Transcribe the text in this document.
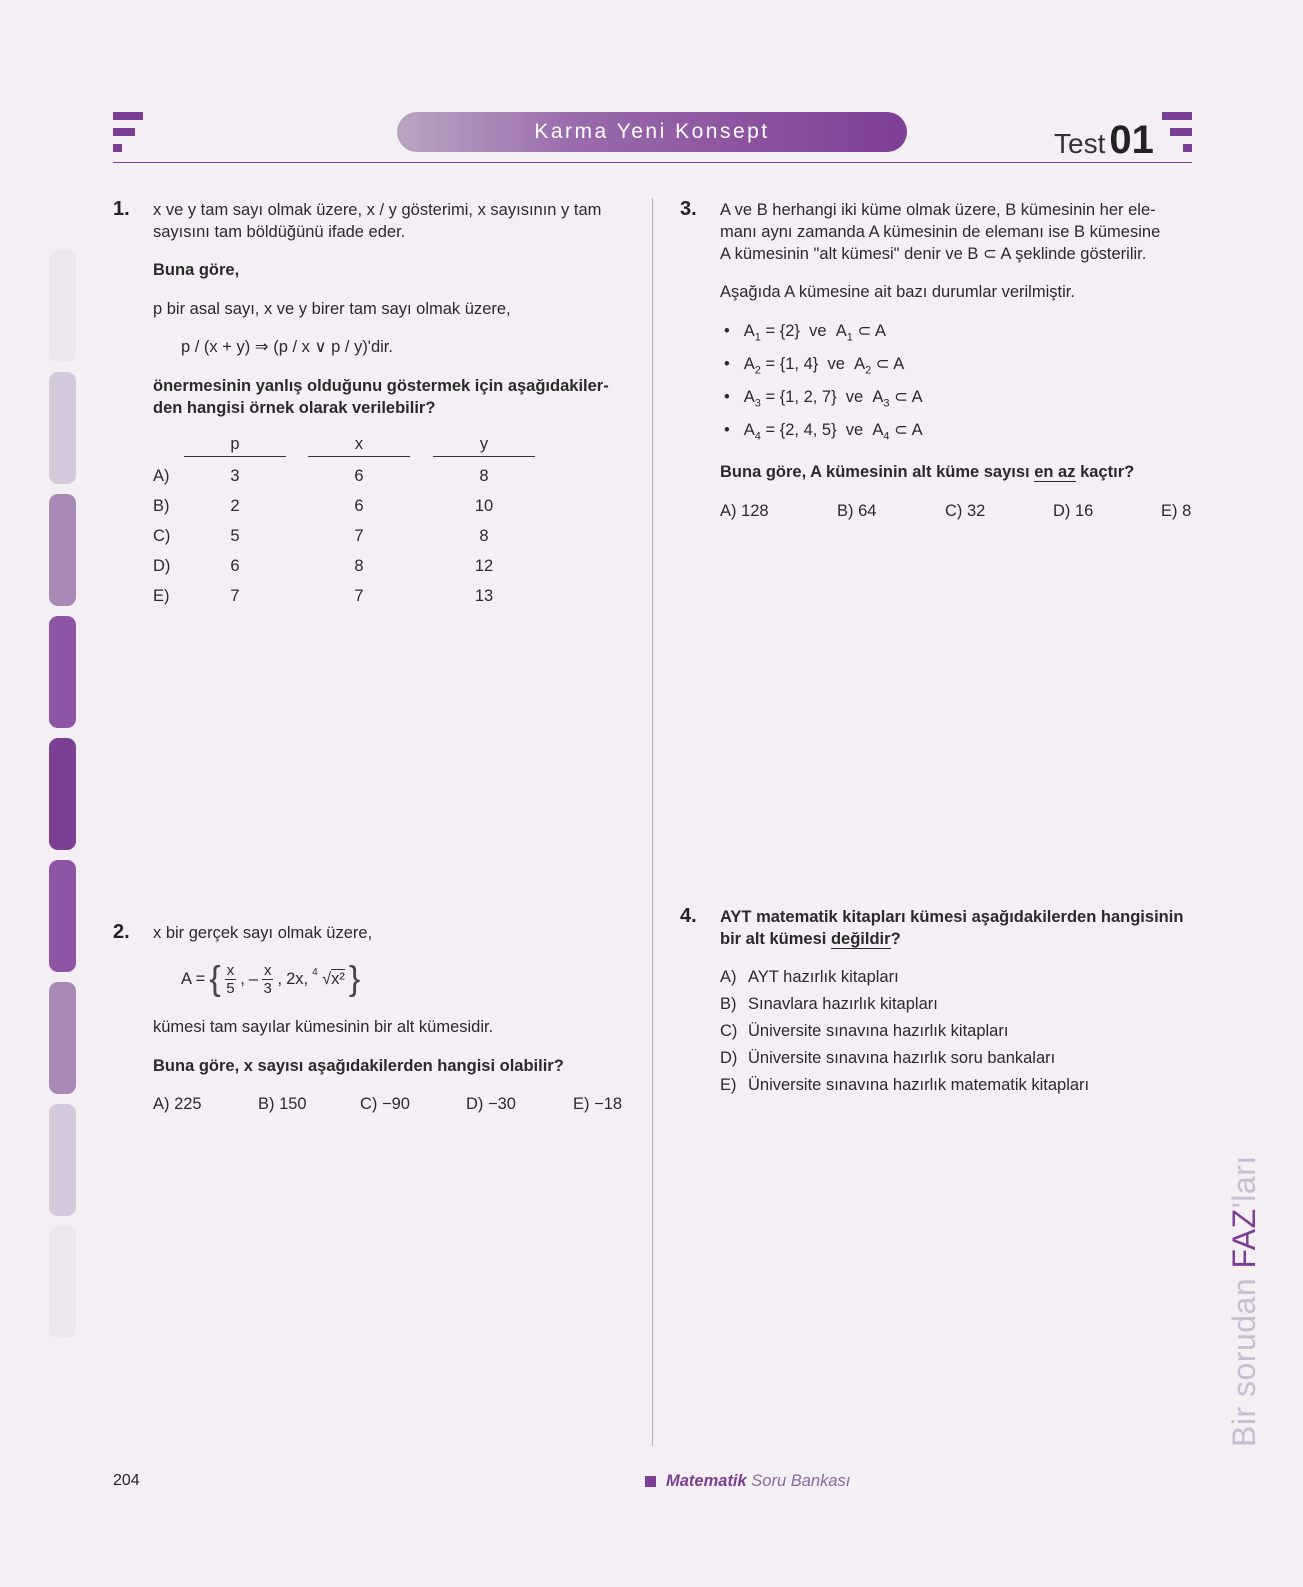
Karma Yeni Konsept	Test 01
1. x ve y tam sayı olmak üzere, x / y gösterimi, x sayısının y tam
sayısını tam böldüğünü ifade eder.
Buna göre,
p bir asal sayı, x ve y birer tam sayı olmak üzere,
p / (x + y) ⇒ (p / x ∨ p / y)'dir.
önermesinin yanlış olduğunu göstermek için aşağıdakiler-
den hangisi örnek olarak verilebilir?
p	x	y
A)	3	6	8
B)	2	6	10
C)	5	7	8
D)	6	8	12
E)	7	7	13
2. x bir gerçek sayı olmak üzere,
A = { $\frac{x}{5}$ , – $\frac{x}{3}$ , 2x, 4 √x² }
kümesi tam sayılar kümesinin bir alt kümesidir.
Buna göre, x sayısı aşağıdakilerden hangisi olabilir?
A) 225	B) 150	C) −90	D) −30	E) −18
3. A ve B herhangi iki küme olmak üzere, B kümesinin her ele-
manı aynı zamanda A kümesinin de elemanı ise B kümesine
A kümesinin "alt kümesi" denir ve B ⊂ A şeklinde gösterilir.
Aşağıda A kümesine ait bazı durumlar verilmiştir.
• $A_1 = \{2\}$ ve $A_1$ ⊂ A
• $A_2 = \{1$, 4} ve $A_2$ ⊂ A
• $A_3 = \{1$, 2, 7} ve $A_3$ ⊂ A
• $A_4 = \{2$, 4, 5} ve $A_4$ ⊂ A
Buna göre, A kümesinin alt küme sayısı en az kaçtır?
A) 128	B) 64	C) 32	D) 16	E) 8
4. AYT matematik kitapları kümesi aşağıdakilerden hangisinin
bir alt kümesi değildir?
A) AYT hazırlık kitapları
B) Sınavlara hazırlık kitapları
C) Üniversite sınavına hazırlık kitapları
D) Üniversite sınavına hazırlık soru bankaları
E) Üniversite sınavına hazırlık matematik kitapları
Bir sorudan FAZ'ları
204	Matematik Soru Bankası
